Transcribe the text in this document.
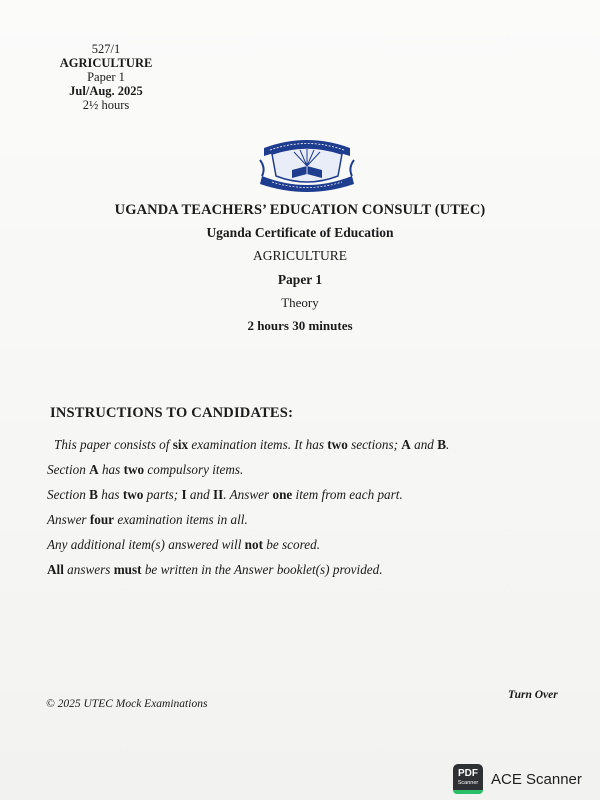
527/1
AGRICULTURE
Paper 1
Jul/Aug. 2025
2½ hours
UGANDA TEACHERS’ EDUCATION CONSULT (UTEC)
Uganda Certificate of Education
AGRICULTURE
Paper 1
Theory
2 hours 30 minutes
INSTRUCTIONS TO CANDIDATES:
This paper consists of six examination items. It has two sections; A and B.
Section A has two compulsory items.
Section B has two parts; I and II. Answer one item from each part.
Answer four examination items in all.
Any additional item(s) answered will not be scored.
All answers must be written in the Answer booklet(s) provided.
© 2025 UTEC Mock Examinations
Turn Over
PDF
Scanner ACE Scanner
